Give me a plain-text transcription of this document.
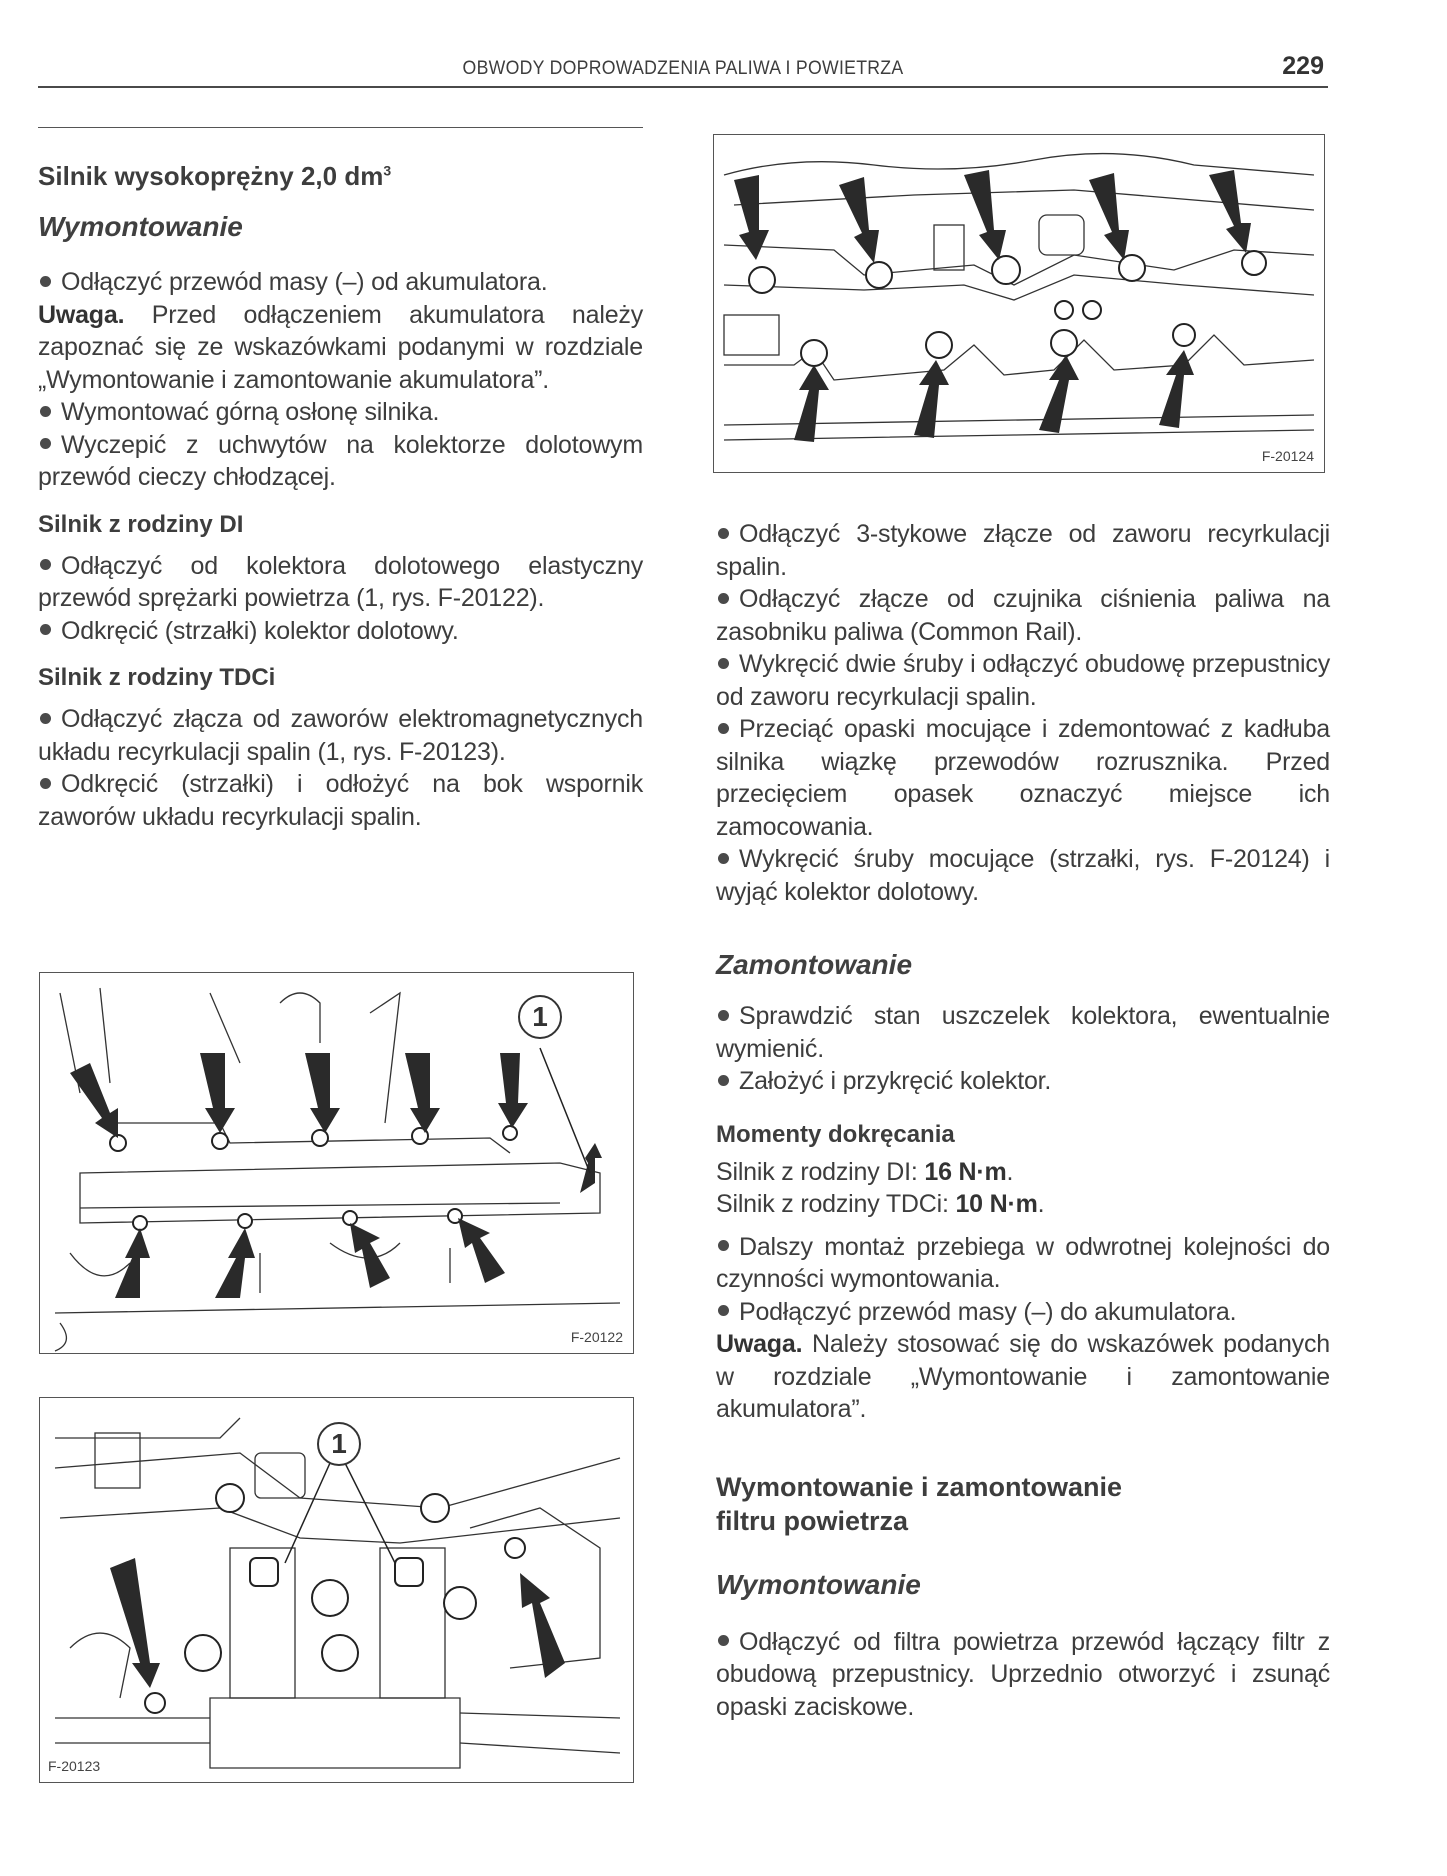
OBWODY DOPROWADZENIA PALIWA I POWIETRZA	229
Silnik wysokoprężny 2,0 $dm^3$
Wymontowanie

Odłączyć przewód masy (–) od akumulatora.

Uwaga. Przed odłączeniem akumulatora należy zapoznać się ze wskazówkami podanymi w rozdziale „Wymontowanie i zamontowanie akumulatora”.

Wymontować górną osłonę silnika.

Wyczepić z uchwytów na kolektorze dolotowym przewód cieczy chłodzącej.

Silnik z rodziny DI

Odłączyć od kolektora dolotowego elastyczny przewód sprężarki powietrza (1, rys. F-20122).

Odkręcić (strzałki) kolektor dolotowy.

Silnik z rodziny TDCi

Odłączyć złącza od zaworów elektromagnetycznych układu recyrkulacji spalin (1, rys. F-20123).

Odkręcić (strzałki) i odłożyć na bok wspornik zaworów układu recyrkulacji spalin.

F-20124

Odłączyć 3-stykowe złącze od zaworu recyrkulacji spalin.

Odłączyć złącze od czujnika ciśnienia paliwa na zasobniku paliwa (Common Rail).

Wykręcić dwie śruby i odłączyć obudowę przepustnicy od zaworu recyrkulacji spalin.

Przeciąć opaski mocujące i zdemontować z kadłuba silnika wiązkę przewodów rozrusznika. Przed przecięciem opasek oznaczyć miejsce ich zamocowania.

Wykręcić śruby mocujące (strzałki, rys. F-20124) i wyjąć kolektor dolotowy.

Zamontowanie

Sprawdzić stan uszczelek kolektora, ewentualnie wymienić.

Założyć i przykręcić kolektor.

Momenty dokręcania

Silnik z rodziny DI: 16 N·m.

Silnik z rodziny TDCi: 10 N·m.

Dalszy montaż przebiega w odwrotnej kolejności do czynności wymontowania.

Podłączyć przewód masy (–) do akumulatora.

Uwaga. Należy stosować się do wskazówek podanych w rozdziale „Wymontowanie i zamontowanie akumulatora”.

Wymontowanie i zamontowanie
filtru powietrza
Wymontowanie

Odłączyć od filtra powietrza przewód łączący filtr z obudową przepustnicy. Uprzednio otworzyć i zsunąć opaski zaciskowe.

1
F-20122
1
F-20123
